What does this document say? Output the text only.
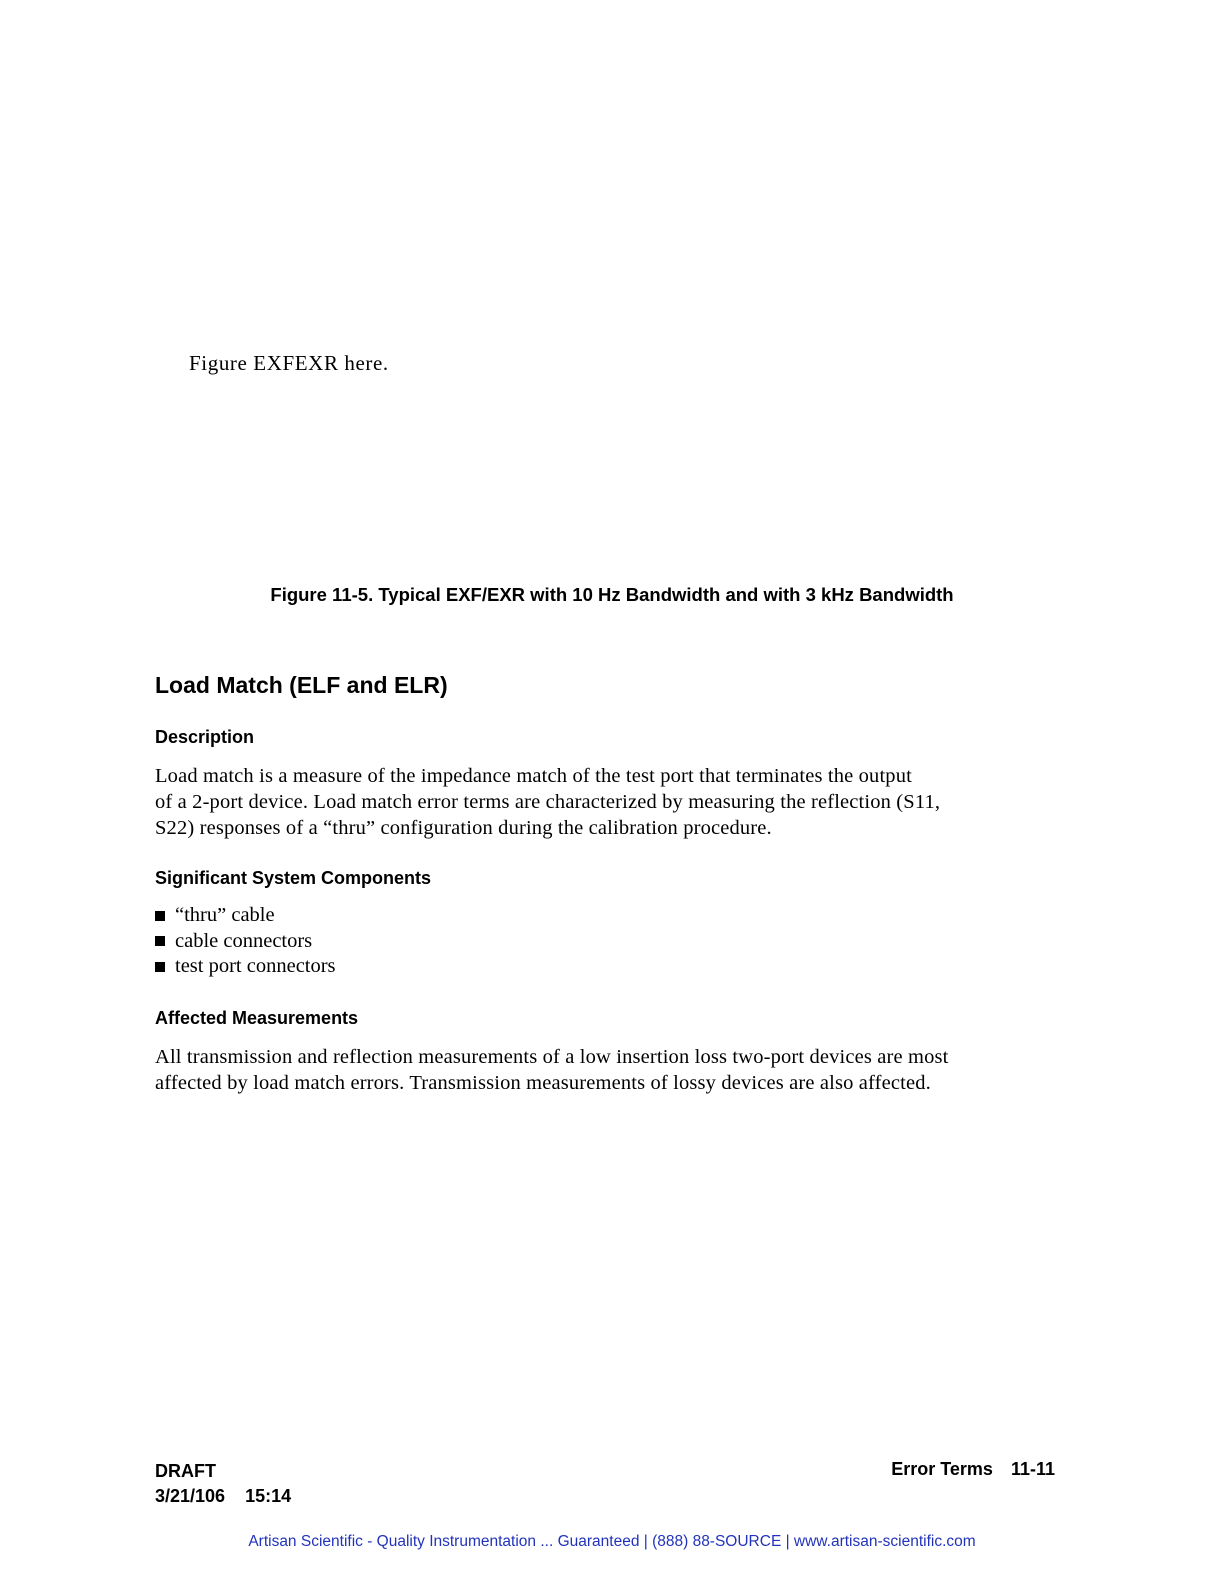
Figure EXFEXR here.
Figure 11-5. Typical EXF/EXR with 10 Hz Bandwidth and with 3 kHz Bandwidth
Load Match (ELF and ELR)
Description
Load match is a measure of the impedance match of the test port that terminates the output
of a 2-port device. Load match error terms are characterized by measuring the reflection (S11,
S22) responses of a “thru” configuration during the calibration procedure.
Significant System Components
“thru” cable
cable connectors
test port connectors
Affected Measurements
All transmission and reflection measurements of a low insertion loss two-port devices are most
affected by load match errors. Transmission measurements of lossy devices are also affected.
DRAFT
3/21/106 15:14
Error Terms 11-11
Artisan Scientific - Quality Instrumentation ... Guaranteed | (888) 88-SOURCE | www.artisan-scientific.com
